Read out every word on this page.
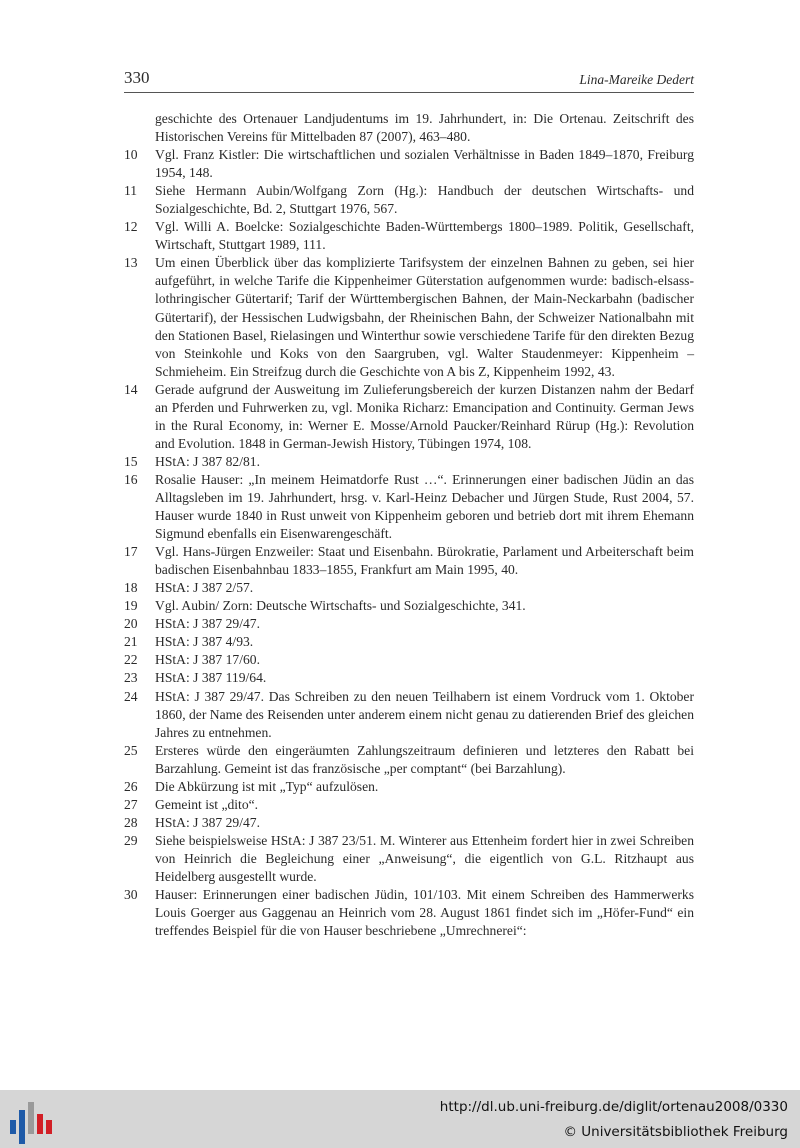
330	Lina-Mareike Dedert
geschichte des Ortenauer Landjudentums im 19. Jahrhundert, in: Die Ortenau. Zeitschrift des Historischen Vereins für Mittelbaden 87 (2007), 463–480.
10 Vgl. Franz Kistler: Die wirtschaftlichen und sozialen Verhältnisse in Baden 1849–1870, Freiburg 1954, 148.
11 Siehe Hermann Aubin/Wolfgang Zorn (Hg.): Handbuch der deutschen Wirtschafts- und Sozialgeschichte, Bd. 2, Stuttgart 1976, 567.
12 Vgl. Willi A. Boelcke: Sozialgeschichte Baden-Württembergs 1800–1989. Politik, Gesellschaft, Wirtschaft, Stuttgart 1989, 111.
13 Um einen Überblick über das komplizierte Tarifsystem der einzelnen Bahnen zu geben, sei hier aufgeführt, in welche Tarife die Kippenheimer Güterstation aufgenommen wurde: badisch-elsass-lothringischer Gütertarif; Tarif der Württembergischen Bahnen, der Main-Neckarbahn (badischer Gütertarif), der Hessischen Ludwigsbahn, der Rheinischen Bahn, der Schweizer Nationalbahn mit den Stationen Basel, Rielasingen und Winterthur sowie verschiedene Tarife für den direkten Bezug von Steinkohle und Koks von den Saargruben, vgl. Walter Staudenmeyer: Kippenheim – Schmieheim. Ein Streifzug durch die Geschichte von A bis Z, Kippenheim 1992, 43.
14 Gerade aufgrund der Ausweitung im Zulieferungsbereich der kurzen Distanzen nahm der Bedarf an Pferden und Fuhrwerken zu, vgl. Monika Richarz: Emancipation and Continuity. German Jews in the Rural Economy, in: Werner E. Mosse/Arnold Paucker/Reinhard Rürup (Hg.): Revolution and Evolution. 1848 in German-Jewish History, Tübingen 1974, 108.
15 HStA: J 387 82/81.
16 Rosalie Hauser: „In meinem Heimatdorfe Rust …“. Erinnerungen einer badischen Jüdin an das Alltagsleben im 19. Jahrhundert, hrsg. v. Karl-Heinz Debacher und Jürgen Stude, Rust 2004, 57. Hauser wurde 1840 in Rust unweit von Kippenheim geboren und betrieb dort mit ihrem Ehemann Sigmund ebenfalls ein Eisenwarengeschäft.
17 Vgl. Hans-Jürgen Enzweiler: Staat und Eisenbahn. Bürokratie, Parlament und Arbeiterschaft beim badischen Eisenbahnbau 1833–1855, Frankfurt am Main 1995, 40.
18 HStA: J 387 2/57.
19 Vgl. Aubin/ Zorn: Deutsche Wirtschafts- und Sozialgeschichte, 341.
20 HStA: J 387 29/47.
21 HStA: J 387 4/93.
22 HStA: J 387 17/60.
23 HStA: J 387 119/64.
24 HStA: J 387 29/47. Das Schreiben zu den neuen Teilhabern ist einem Vordruck vom 1. Oktober 1860, der Name des Reisenden unter anderem einem nicht genau zu datierenden Brief des gleichen Jahres zu entnehmen.
25 Ersteres würde den eingeräumten Zahlungszeitraum definieren und letzteres den Rabatt bei Barzahlung. Gemeint ist das französische „per comptant“ (bei Barzahlung).
26 Die Abkürzung ist mit „Typ“ aufzulösen.
27 Gemeint ist „dito“.
28 HStA: J 387 29/47.
29 Siehe beispielsweise HStA: J 387 23/51. M. Winterer aus Ettenheim fordert hier in zwei Schreiben von Heinrich die Begleichung einer „Anweisung“, die eigentlich von G.L. Ritzhaupt aus Heidelberg ausgestellt wurde.
30 Hauser: Erinnerungen einer badischen Jüdin, 101/103. Mit einem Schreiben des Hammerwerks Louis Goerger aus Gaggenau an Heinrich vom 28. August 1861 findet sich im „Höfer-Fund“ ein treffendes Beispiel für die von Hauser beschriebene „Umrechnerei“:
http://dl.ub.uni-freiburg.de/diglit/ortenau2008/0330
© Universitätsbibliothek Freiburg
